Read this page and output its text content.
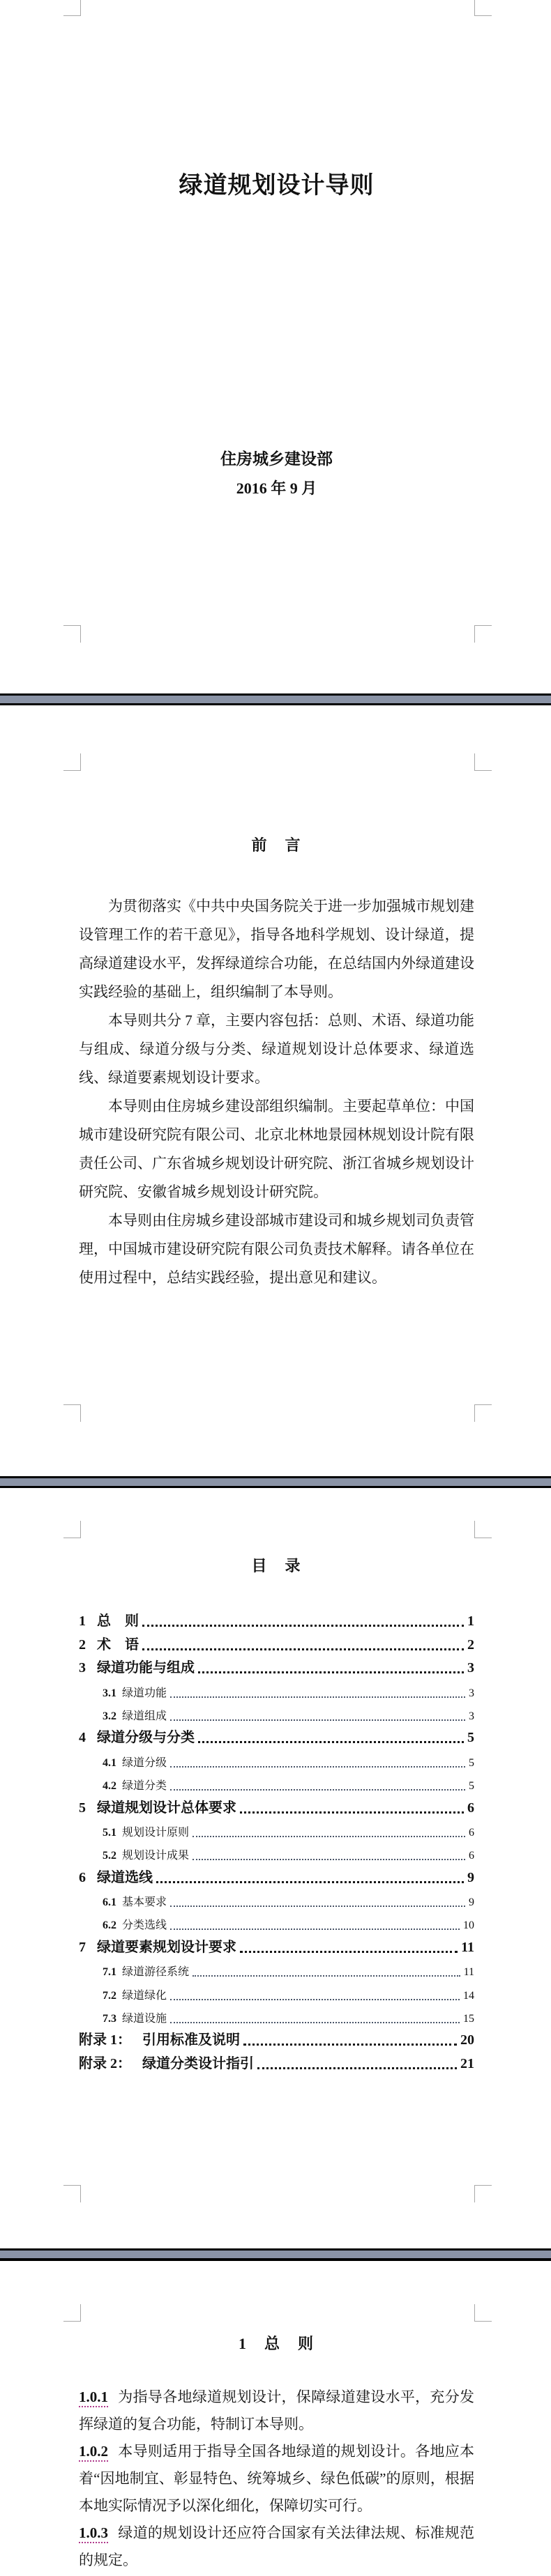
绿道规划设计导则

住房城乡建设部

2016 年 9 月

前　言

为贯彻落实《中共中央国务院关于进一步加强城市规划建设管理工作的若干意见》，指导各地科学规划、设计绿道，提高绿道建设水平，发挥绿道综合功能，在总结国内外绿道建设实践经验的基础上，组织编制了本导则。

本导则共分 7 章，主要内容包括：总则、术语、绿道功能与组成、绿道分级与分类、绿道规划设计总体要求、绿道选线、绿道要素规划设计要求。

本导则由住房城乡建设部组织编制。主要起草单位：中国城市建设研究院有限公司、北京北林地景园林规划设计院有限责任公司、广东省城乡规划设计研究院、浙江省城乡规划设计研究院、安徽省城乡规划设计研究院。

本导则由住房城乡建设部城市建设司和城乡规划司负责管理，中国城市建设研究院有限公司负责技术解释。请各单位在使用过程中，总结实践经验，提出意见和建议。

目　录
1 总　则	1
2 术　语	2
3 绿道功能与组成	3
3.1 绿道功能	3
3.2 绿道组成	3
4 绿道分级与分类	5
4.1 绿道分级	5
4.2 绿道分类	5
5 绿道规划设计总体要求	6
5.1 规划设计原则	6
5.2 规划设计成果	6
6 绿道选线	9
6.1 基本要求	9
6.2 分类选线	10
7 绿道要素规划设计要求	11
7.1 绿道游径系统	11
7.2 绿道绿化	14
7.3 绿道设施	15
附录 1： 引用标准及说明	20
附录 2： 绿道分类设计指引	21
1　总　则

1.0.1 为指导各地绿道规划设计，保障绿道建设水平，充分发挥绿道的复合功能，特制订本导则。

1.0.2 本导则适用于指导全国各地绿道的规划设计。各地应本着“因地制宜、彰显特色、统筹城乡、绿色低碳”的原则，根据本地实际情况予以深化细化，保障切实可行。

1.0.3 绿道的规划设计还应符合国家有关法律法规、标准规范的规定。
